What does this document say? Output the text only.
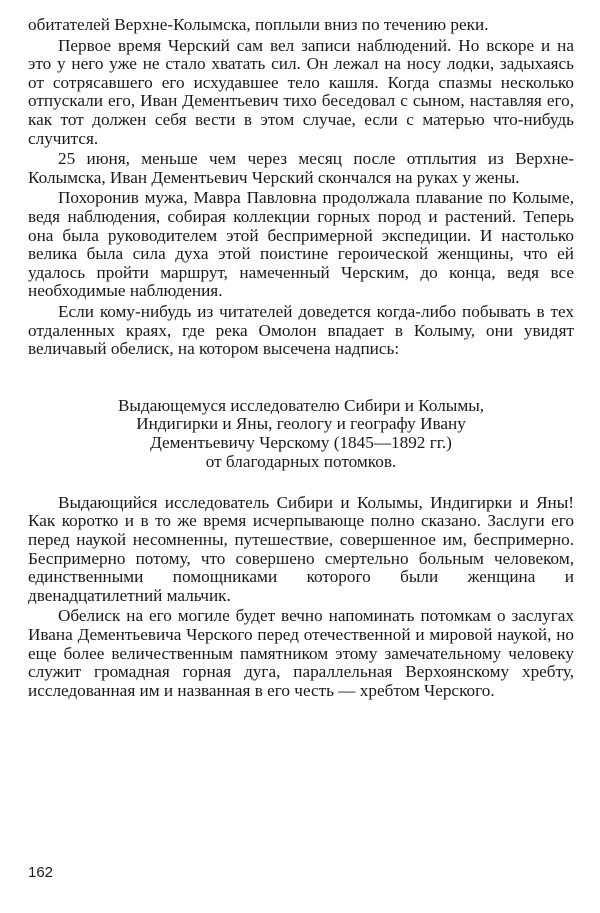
обитателей Верхне-Колымска, поплыли вниз по течению реки.

Первое время Черский сам вел записи наблюдений. Но вскоре и на это у него уже не стало хватать сил. Он лежал на носу лодки, задыхаясь от сотрясавшего его исхудавшее тело кашля. Когда спазмы несколько отпускали его, Иван Дементьевич тихо беседовал с сыном, наставляя его, как тот должен себя вести в этом случае, если с матерью что-нибудь случится.

25 июня, меньше чем через месяц после отплытия из Верхне-Колымска, Иван Дементьевич Черский скончался на руках у жены.

Похоронив мужа, Мавра Павловна продолжала плавание по Колыме, ведя наблюдения, собирая коллекции горных пород и растений. Теперь она была руководителем этой беспримерной экспедиции. И настолько велика была сила духа этой поистине героической женщины, что ей удалось пройти маршрут, намеченный Черским, до конца, ведя все необходимые наблюдения.

Если кому-нибудь из читателей доведется когда-либо побывать в тех отдаленных краях, где река Омолон впадает в Колыму, они увидят величавый обелиск, на котором высечена надпись:

Выдающемуся исследователю Сибири и Колымы,
Индигирки и Яны, геологу и географу Ивану
Дементьевичу Черскому (1845—1892 гг.)
от благодарных потомков.

Выдающийся исследователь Сибири и Колымы, Индигирки и Яны! Как коротко и в то же время исчерпывающе полно сказано. Заслуги его перед наукой несомненны, путешествие, совершенное им, беспримерно. Беспримерно потому, что совершено смертельно больным человеком, единственными помощниками которого были женщина и двенадцатилетний мальчик.

Обелиск на его могиле будет вечно напоминать потомкам о заслугах Ивана Дементьевича Черского перед отечественной и мировой наукой, но еще более величественным памятником этому замечательному человеку служит громадная горная дуга, параллельная Верхоянскому хребту, исследованная им и названная в его честь — хребтом Черского.

162
